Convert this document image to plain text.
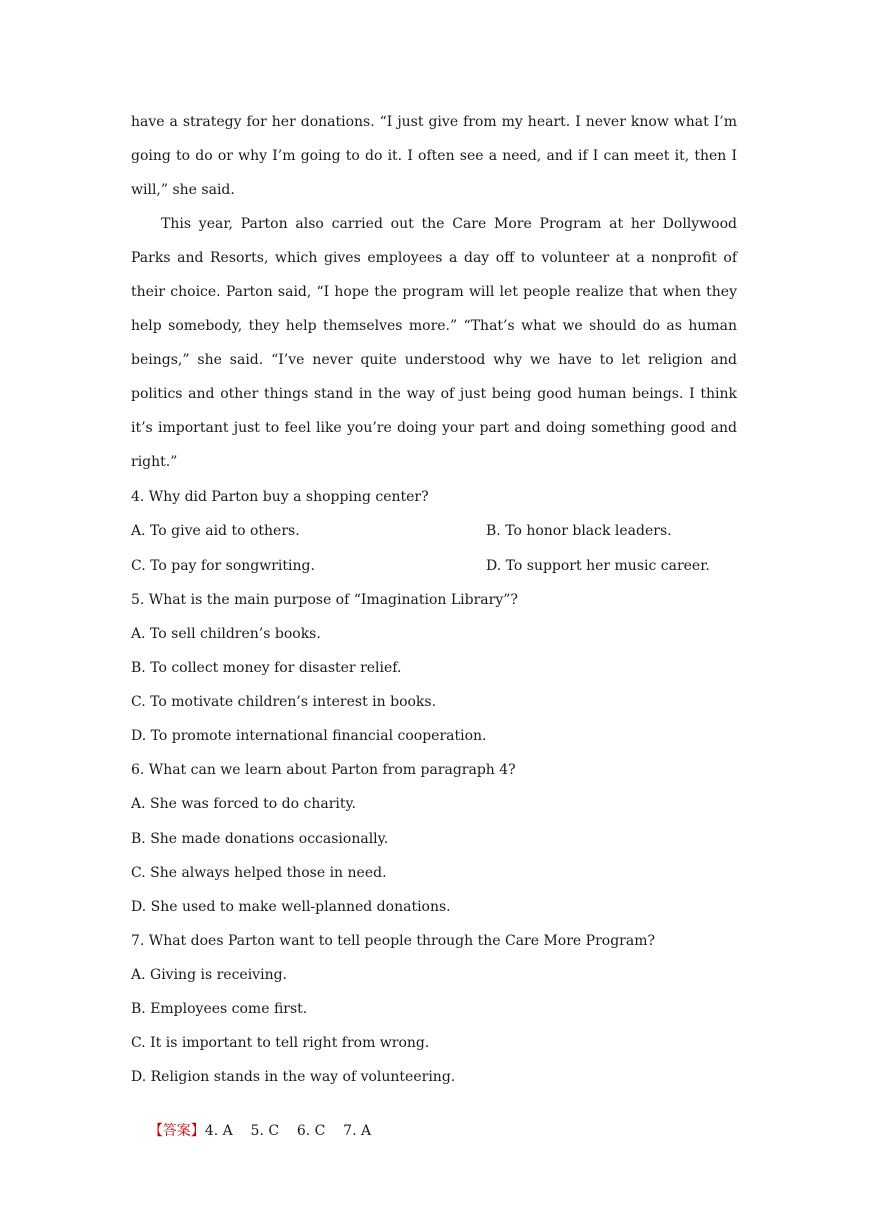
have a strategy for her donations. “I just give from my heart. I never know what I’m going to do or why I’m going to do it. I often see a need, and if I can meet it, then I will,” she said.

This year, Parton also carried out the Care More Program at her Dollywood Parks and Resorts, which gives employees a day off to volunteer at a nonprofit of their choice. Parton said, “I hope the program will let people realize that when they help somebody, they help themselves more.” “That’s what we should do as human beings,” she said. “I’ve never quite understood why we have to let religion and politics and other things stand in the way of just being good human beings. I think it’s important just to feel like you’re doing your part and doing something good and right.”

4. Why did Parton buy a shopping center?
A. To give aid to others.	B. To honor black leaders.
C. To pay for songwriting.	D. To support her music career.
5. What is the main purpose of “Imagination Library”?
A. To sell children’s books.
B. To collect money for disaster relief.
C. To motivate children’s interest in books.
D. To promote international financial cooperation.
6. What can we learn about Parton from paragraph 4?
A. She was forced to do charity.
B. She made donations occasionally.
C. She always helped those in need.
D. She used to make well-planned donations.
7. What does Parton want to tell people through the Care More Program?
A. Giving is receiving.
B. Employees come first.
C. It is important to tell right from wrong.
D. Religion stands in the way of volunteering.

【答案】4. A    5. C    6. C    7. A
